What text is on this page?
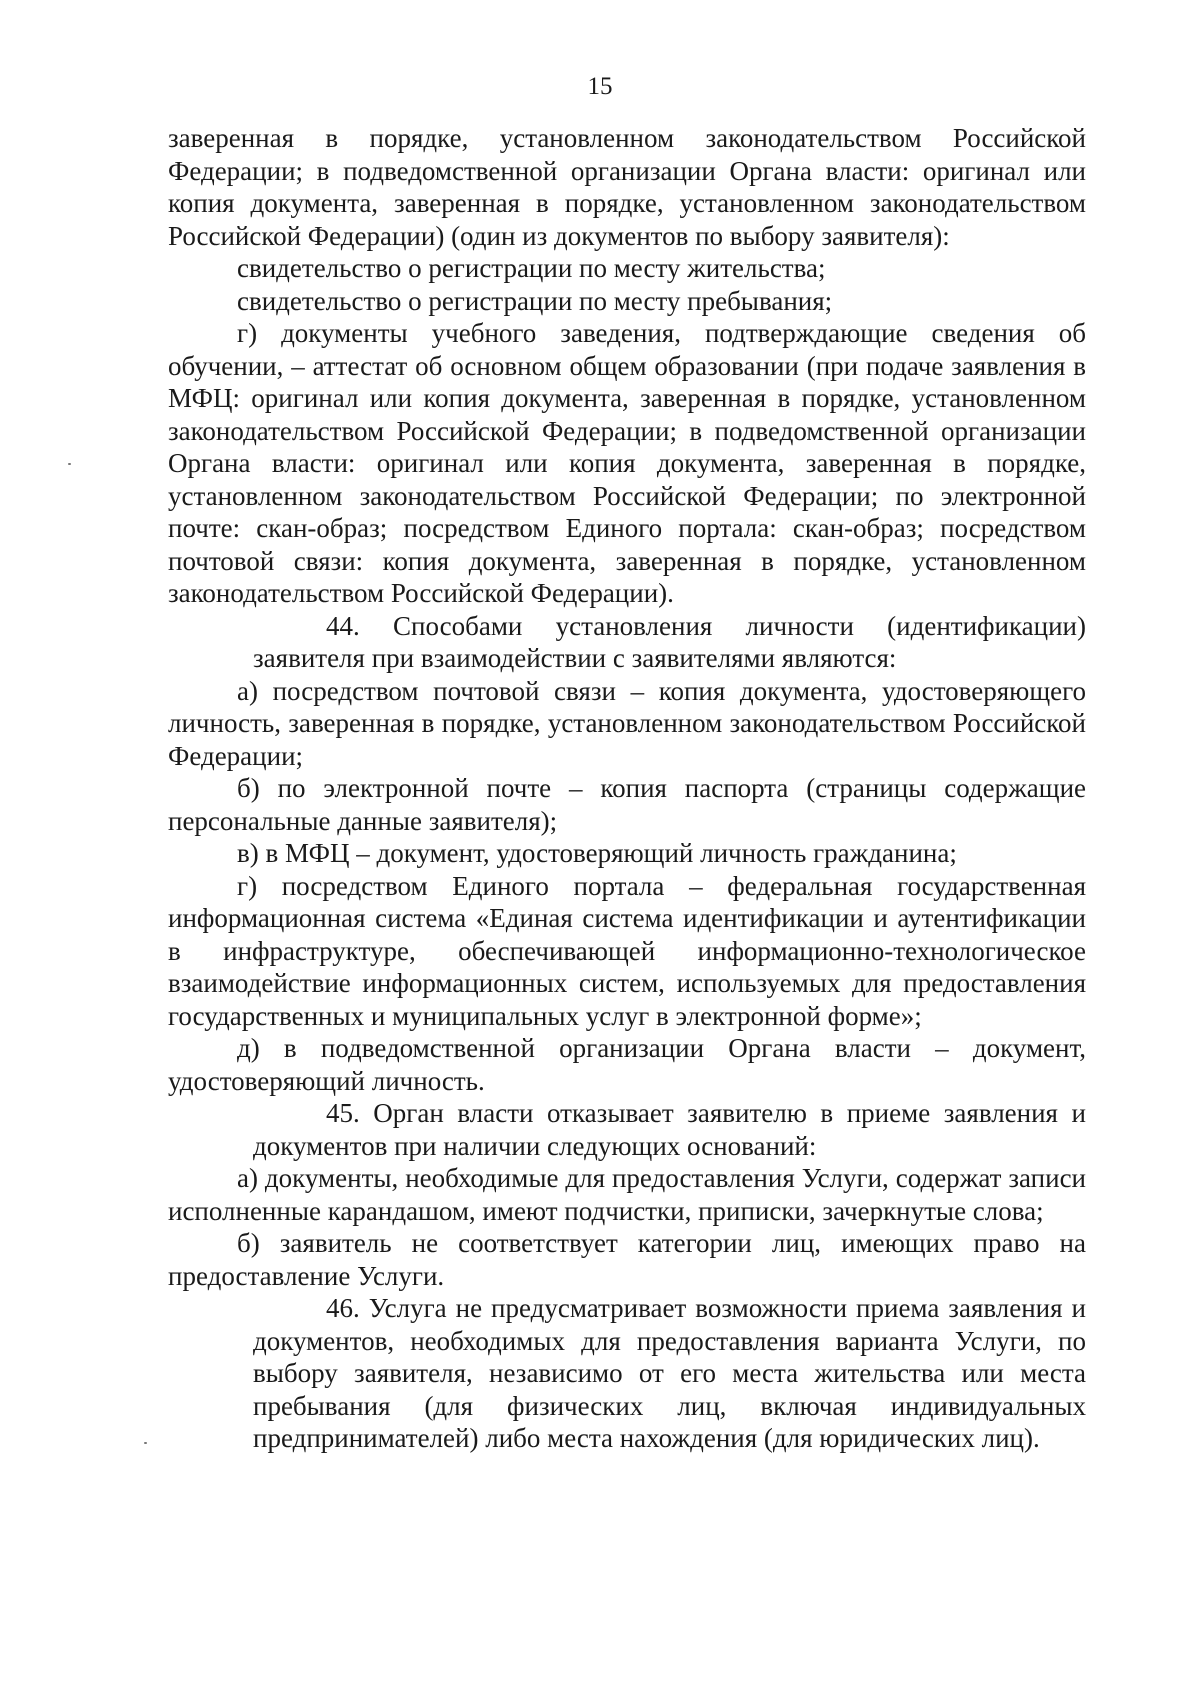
15

заверенная в порядке, установленном законодательством Российской Федерации; в подведомственной организации Органа власти: оригинал или копия документа, заверенная в порядке, установленном законодательством Российской Федерации) (один из документов по выбору заявителя):

свидетельство о регистрации по месту жительства;

свидетельство о регистрации по месту пребывания;

г) документы учебного заведения, подтверждающие сведения об обучении, – аттестат об основном общем образовании (при подаче заявления в МФЦ: оригинал или копия документа, заверенная в порядке, установленном законодательством Российской Федерации; в подведомственной организации Органа власти: оригинал или копия документа, заверенная в порядке, установленном законодательством Российской Федерации; по электронной почте: скан-образ; посредством Единого портала: скан-образ; посредством почтовой связи: копия документа, заверенная в порядке, установленном законодательством Российской Федерации).

44. Способами установления личности (идентификации) заявителя при взаимодействии с заявителями являются:

а) посредством почтовой связи – копия документа, удостоверяющего личность, заверенная в порядке, установленном законодательством Российской Федерации;

б) по электронной почте – копия паспорта (страницы содержащие персональные данные заявителя);

в) в МФЦ – документ, удостоверяющий личность гражданина;

г) посредством Единого портала – федеральная государственная информационная система «Единая система идентификации и аутентификации в инфраструктуре, обеспечивающей информационно-технологическое взаимодействие информационных систем, используемых для предоставления государственных и муниципальных услуг в электронной форме»;

д) в подведомственной организации Органа власти – документ, удостоверяющий личность.

45. Орган власти отказывает заявителю в приеме заявления и документов при наличии следующих оснований:

а) документы, необходимые для предоставления Услуги, содержат записи исполненные карандашом, имеют подчистки, приписки, зачеркнутые слова;

б) заявитель не соответствует категории лиц, имеющих право на предоставление Услуги.

46. Услуга не предусматривает возможности приема заявления и документов, необходимых для предоставления варианта Услуги, по выбору заявителя, независимо от его места жительства или места пребывания (для физических лиц, включая индивидуальных предпринимателей) либо места нахождения (для юридических лиц).
